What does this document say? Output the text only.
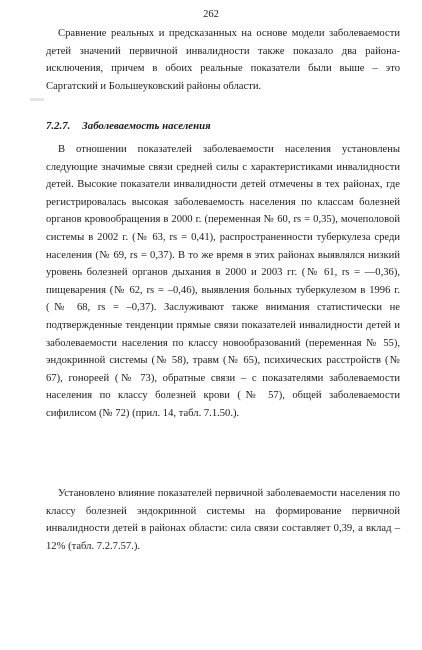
262

Сравнение реальных и предсказанных на основе модели заболеваемости детей значений первичной инвалидности также показало два района-исключения, причем в обоих реальные показатели были выше – это Саргатский и Большеуковский районы области.

7.2.7. Заболеваемость населения

В отношении показателей заболеваемости населения установлены следующие значимые связи средней силы с характеристиками инвалидности детей. Высокие показатели инвалидности детей отмечены в тех районах, где регистрировалась высокая заболеваемость населения по классам болезней органов кровообращения в 2000 г. (переменная № 60, rs = 0,35), мочеполовой системы в 2002 г. (№ 63, rs = 0,41), распространенности туберкулеза среди населения (№ 69, rs = 0,37). В то же время в этих районах выявлялся низкий уровень болезней органов дыхания в 2000 и 2003 гг. (№ 61, rs = —0,36), пищеварения (№ 62, rs = –0,46), выявления больных туберкулезом в 1996 г. (№ 68, rs = –0,37). Заслуживают также внимания статистически не подтвержденные тенденции прямые связи показателей инвалидности детей и заболеваемости населения по классу новообразований (переменная № 55), эндокринной системы (№ 58), травм (№ 65), психических расстройств (№ 67), гонореей (№ 73), обратные связи – с показателями заболеваемости населения по классу болезней крови (№ 57), общей заболеваемости сифилисом (№ 72) (прил. 14, табл. 7.1.50.).

Установлено влияние показателей первичной заболеваемости населения по классу болезней эндокринной системы на формирование первичной инвалидности детей в районах области: сила связи составляет 0,39, а вклад – 12% (табл. 7.2.7.57.).
